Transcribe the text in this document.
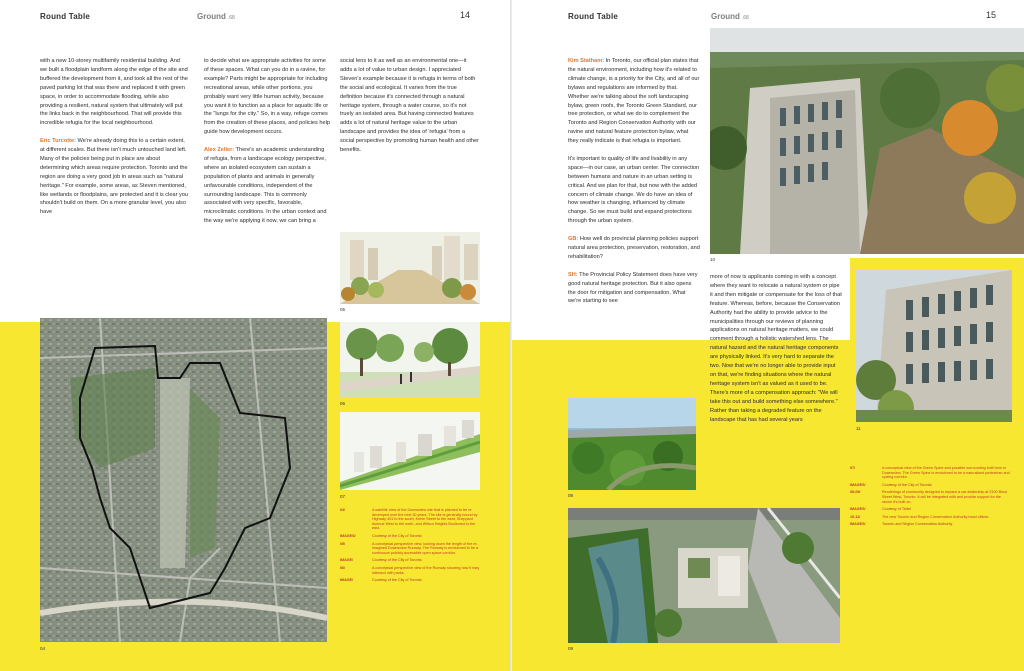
Round Table	Ground .68	14

with a new 10-storey multifamily residential building. And we built a floodplain landform along the edge of the site and buffered the development from it, and took all the rest of the paved parking lot that was there and replaced it with green space, in order to accommodate flooding, while also providing a resilient, natural system that ultimately will put the links back in the neighbourhood. That will provide this incredible refugia for the local neighbourhood.

Eric Turcotte: We're already doing this to a certain extent, at different scales. But there isn't much untouched land left. Many of the policies being put in place are about determining which areas require protection. Toronto and the region are doing a very good job in areas such as "natural heritage." For example, some areas, as Steven mentioned, like wetlands or floodplains, are protected and it is clear you shouldn't build on them. On a more granular level, you also have

to decide what are appropriate activities for some of these spaces. What can you do in a ravine, for example? Parts might be appropriate for including recreational areas, while other portions, you probably want very little human activity, because you want it to function as a place for aquatic life or the "lungs for the city." So, in a way, refuge comes from the creation of these places, and policies help guide how development occurs.

Alex Zeller: There's an academic understanding of refugia, from a landscape ecology perspective, where an isolated ecosystem can sustain a population of plants and animals in generally unfavourable conditions, independent of the surrounding landscape. This is commonly associated with very specific, favorable, microclimatic conditions. In the urban context and the way we're applying it now, we can bring a

social lens to it as well as an environmental one—it adds a lot of value to urban design. I appreciated Steven's example because it is refugia in terms of both the social and ecological. It varies from the true definition because it's connected through a natural heritage system, through a water course, so it's not truely an isolated area. But having connected features adds a lot of natural heritage value to the urban landscape and provides the idea of 'refugia' from a social perspective by promoting human health and other benefits.

04
05
06
07
04/	A satellite view of the Downsview site that is planned to be re-developed over the next 30 years. The site is generally bound by Highway 401 to the south, Keele Street to the west, Sheppard Avenue West to the north, and Wilson Heights Boulevard to the east.
IMAGES/	Courtesy of the City of Toronto
05/	A conceptual perspective view, looking down the length of the re-imagined Downsview Runway. The Runway is envisioned to be a continuous publicly accessible open space corridor.
IMAGE/	Courtesy of the City of Toronto
06/	A conceptual perspective view of the Runway showing how it may intersect with parks.
IMAGE/	Courtesy of the City of Toronto
Round Table	Ground .68	15

Kim Statham: In Toronto, our official plan states that the natural environment, including how it's related to climate change, is a priority for the City, and all of our bylaws and regulations are informed by that. Whether we're talking about the soft landscaping bylaw, green roofs, the Toronto Green Standard, our tree protection, or what we do to complement the Toronto and Region Conservation Authority with our ravine and natural feature protection bylaw, what they really indicate is that refugia is important.

It's important to quality of life and livability in any space—in our case, an urban center. The connection between humans and nature in an urban setting is critical. And we plan for that, but now with the added concern of climate change. We do have an idea of how weather is changing, influenced by climate change. So we must build and expand protections through the urban system.

GB: How well do provincial planning policies support natural area protection, preservation, restoration, and rehabilitation?

SH: The Provincial Policy Statement does have very good natural heritage protection. But it also opens the door for mitigation and compensation. What we're starting to see

more of now is applicants coming in with a concept where they want to relocate a natural system or pipe it and then mitigate or compensate for the loss of that feature. Whereas, before, because the Conservation Authority had the ability to provide advice to the municipalities through our reviews of planning applications on natural heritage matters, we could comment through a holistic watershed lens. The natural hazard and the natural heritage components are physically linked. It's very hard to separate the two. Now that we're no longer able to provide input on that, we're finding situations where the natural heritage system isn't as valued as it used to be. There's more of a compensation approach: "We will take this out and build something else somewhere." Rather than taking a degraded feature on the landscape that has had several years

10
11
08
09
07/	A conceptual view of the Green Spine and possible surrounding built form in Downsview. The Green Spine is envisioned to be a naturalized pedestrian and cycling corridor.
IMAGES/	Courtesy of the City of Toronto
08-09/	Renderings of community designed to replace a car dealership at 3100 Bloor Street West, Toronto. It will be integrated with and provide support for the ravine it's built on.
IMAGES/	Courtesy of Tridel
10-11/	The new Toronto and Region Conservation Authority head offices.
IMAGES/	Toronto and Region Conservation Authority
